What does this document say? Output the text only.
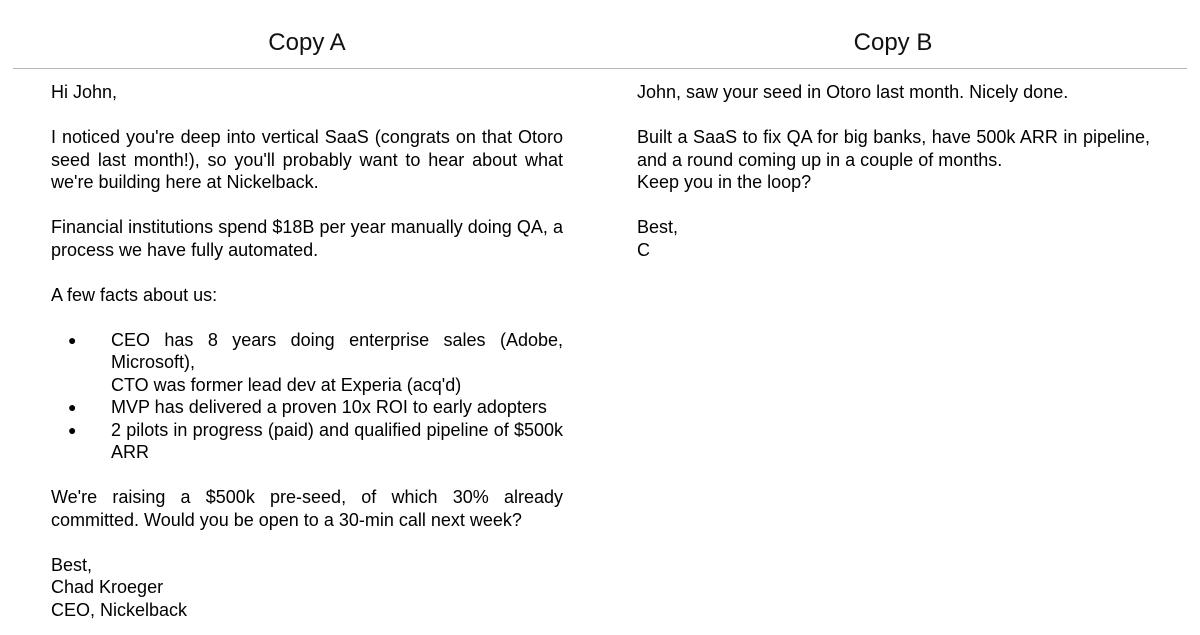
Copy A	Copy B

Hi John,

I noticed you're deep into vertical SaaS (congrats on that Otoro seed last month!), so you'll probably want to hear about what we're building here at Nickelback.

Financial institutions spend $18B per year manually doing QA, a process we have fully automated.

A few facts about us:

● CEO has 8 years doing enterprise sales (Adobe, Microsoft),
CTO was former lead dev at Experia (acq'd)
● MVP has delivered a proven 10x ROI to early adopters
● 2 pilots in progress (paid) and qualified pipeline of $500k ARR

We're raising a $500k pre-seed, of which 30% already committed. Would you be open to a 30-min call next week?

Best,
Chad Kroeger
CEO, Nickelback

John, saw your seed in Otoro last month. Nicely done.

Built a SaaS to fix QA for big banks, have 500k ARR in pipeline, and a round coming up in a couple of months.
Keep you in the loop?

Best,
C
